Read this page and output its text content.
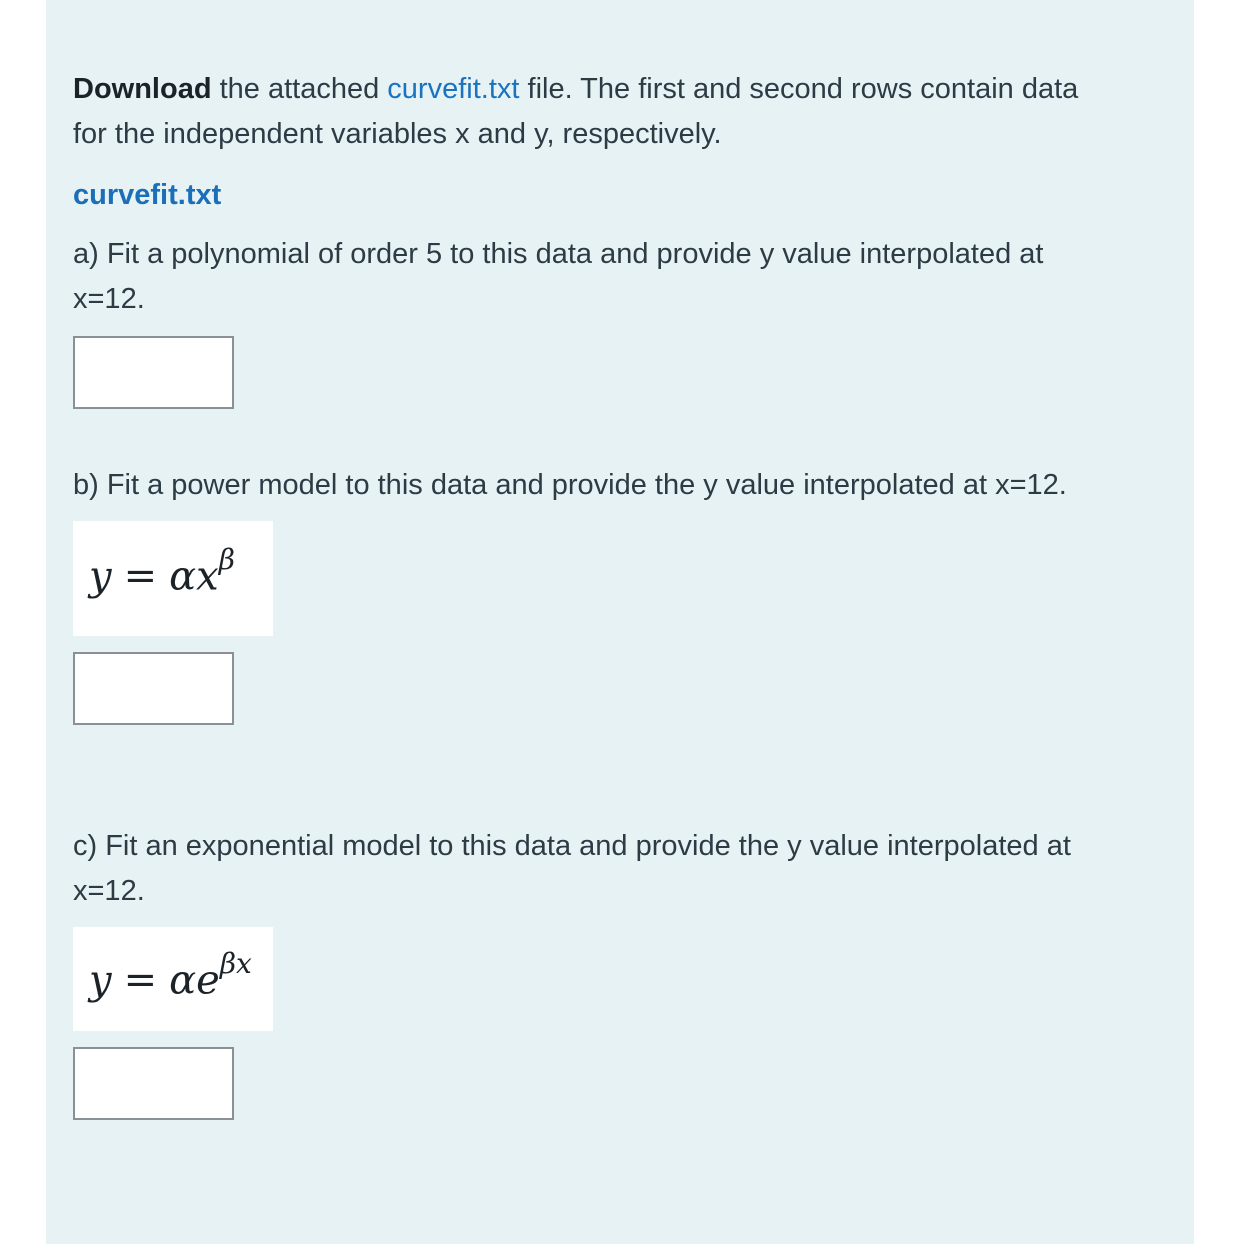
Download the attached curvefit.txt file. The first and second rows contain data

for the independent variables x and y, respectively.

curvefit.txt

a) Fit a polynomial of order 5 to this data and provide y value interpolated at

x=12.

b) Fit a power model to this data and provide the y value interpolated at x=12.

$y = \alpha x^\beta$

c) Fit an exponential model to this data and provide the y value interpolated at

x=12.

$y = \alpha e^{\beta x}$
